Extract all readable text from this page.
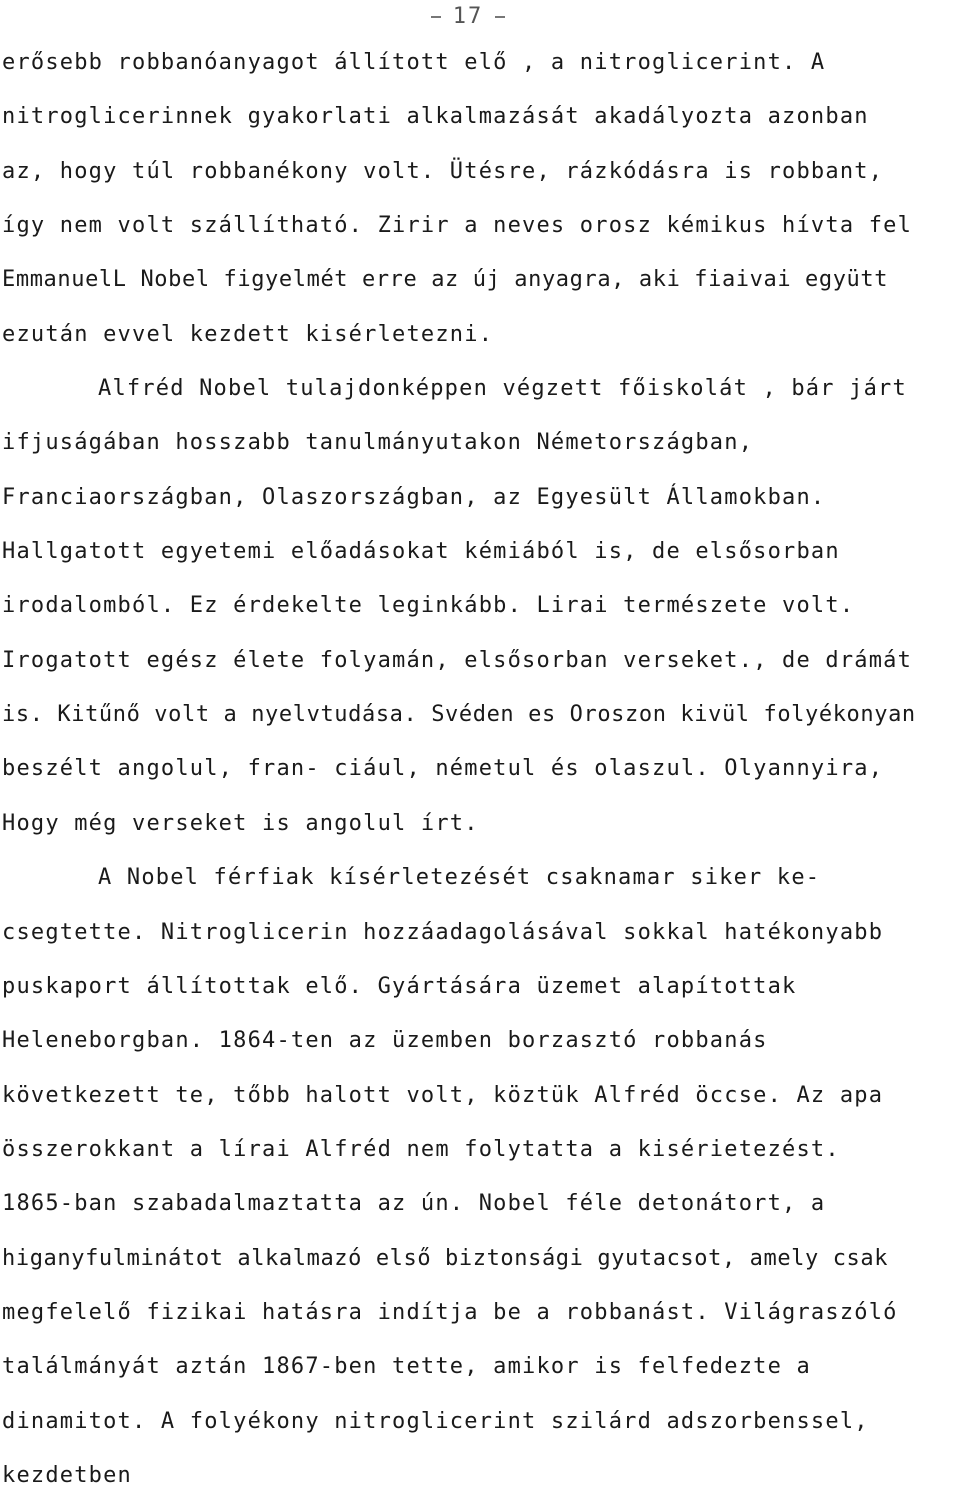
17
erősebb robbanóanyagot állított elő , a nitroglicerint. A
nitroglicerinnek gyakorlati alkalmazását akadályozta azonban
az, hogy túl robbanékony volt. Ütésre, rázkódásra is robbant,
így nem volt szállítható. Zirir a neves orosz kémikus hívta fel
EmmanuelL Nobel figyelmét erre az új anyagra, aki fiaivai együtt
ezután evvel kezdett kisérletezni.
Alfréd Nobel tulajdonképpen végzett főiskolát , bár járt
ifjuságában hosszabb tanulmányutakon Németországban,
Franciaországban, Olaszországban, az Egyesült Államokban.
Hallgatott egyetemi előadásokat kémiából is, de elsősorban
irodalomból. Ez érdekelte leginkább. Lirai természete volt.
Irogatott egész élete folyamán, elsősorban verseket., de drámát
is. Kitűnő volt a nyelvtudása. Svéden es Oroszon kivül folyékonyan
beszélt angolul, fran- ciául, németul és olaszul. Olyannyira,
Hogy még verseket is angolul írt.
A Nobel férfiak kísérletezését csaknamar siker ke-
csegtette. Nitroglicerin hozzáadagolásával sokkal hatékonyabb
puskaport állítottak elő. Gyártására üzemet alapítottak
Heleneborgban. 1864-ten az üzemben borzasztó robbanás
következett te, tőbb halott volt, köztük Alfréd öccse. Az apa
összerokkant a lírai Alfréd nem folytatta a kisérietezést.
1865-ban szabadalmaztatta az ún. Nobel féle detonátort, a
higanyfulminátot alkalmazó első biztonsági gyutacsot, amely csak
megfelelő fizikai hatásra indítja be a robbanást. Világraszóló
találmányát aztán 1867-ben tette, amikor is felfedezte a
dinamitot. A folyékony nitroglicerint szilárd adszorbenssel,
kezdetben
